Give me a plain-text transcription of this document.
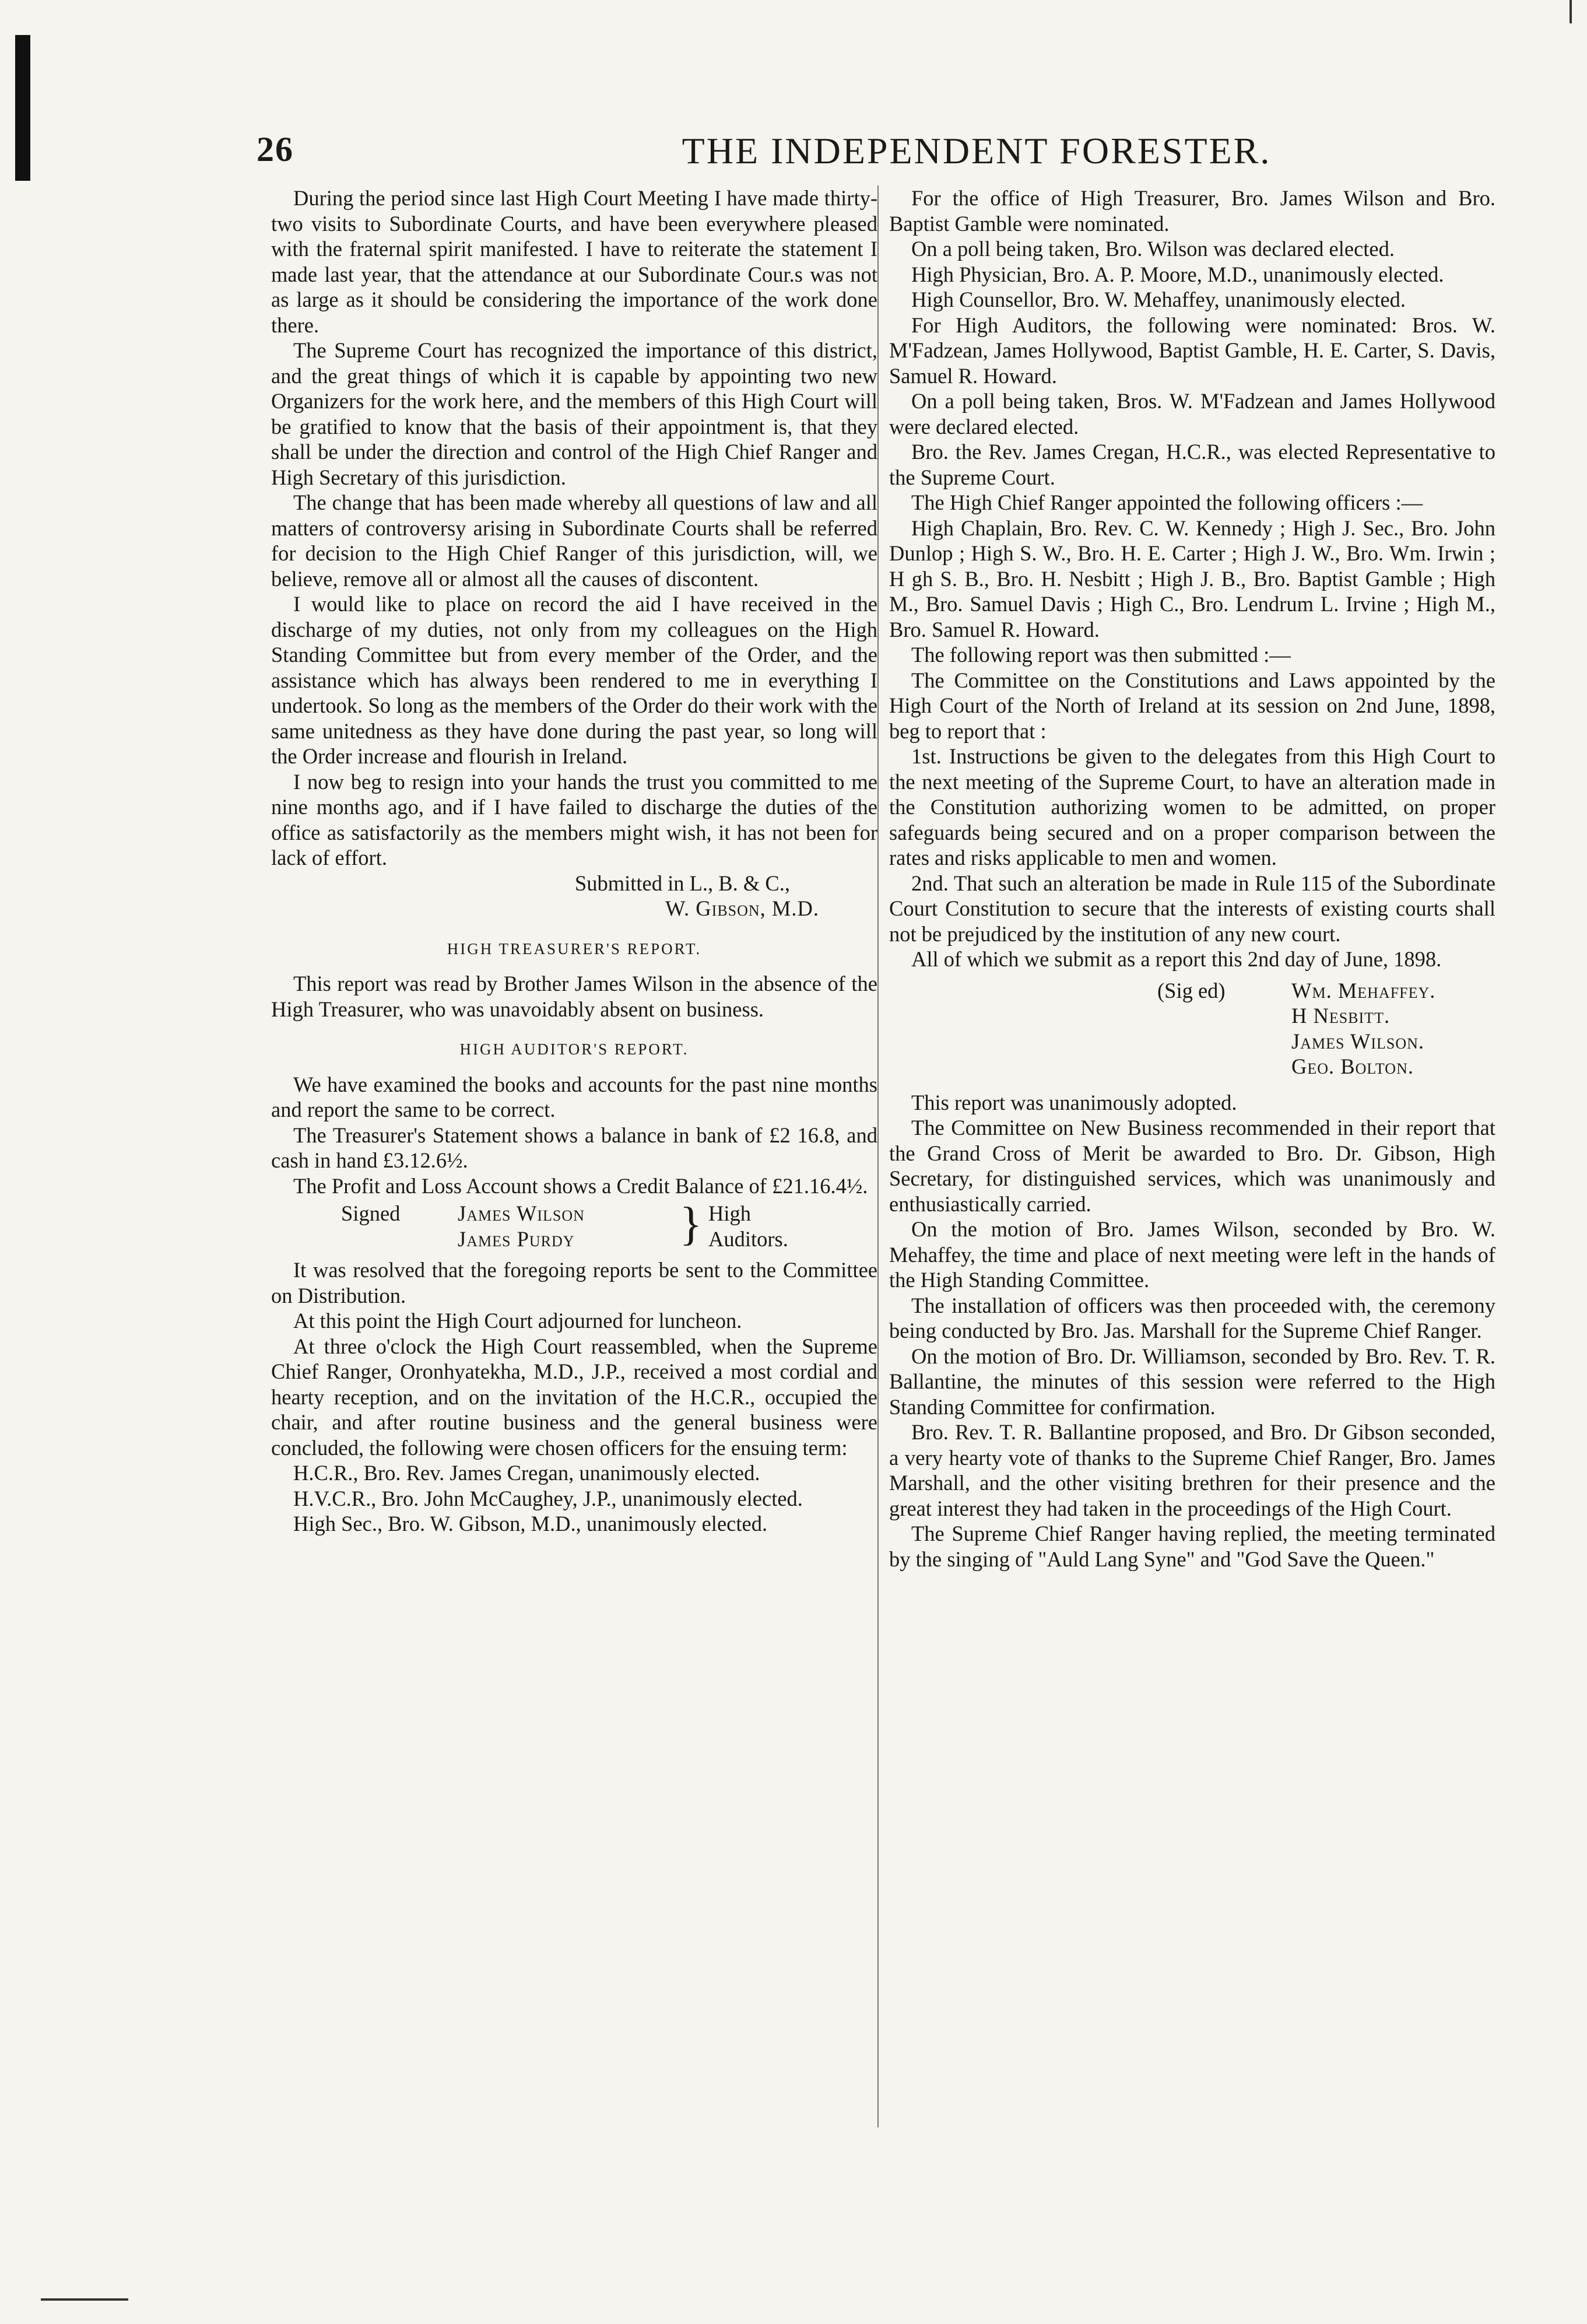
26	THE INDEPENDENT FORESTER.

During the period since last High Court Meeting I have made thirty-two visits to Subordinate Courts, and have been everywhere pleased with the fraternal spirit manifested. I have to reiterate the statement I made last year, that the attendance at our Subordinate Cour.s was not as large as it should be considering the importance of the work done there.

The Supreme Court has recognized the importance of this district, and the great things of which it is capable by appointing two new Organizers for the work here, and the members of this High Court will be gratified to know that the basis of their appointment is, that they shall be under the direction and control of the High Chief Ranger and High Secretary of this jurisdiction.

The change that has been made whereby all questions of law and all matters of controversy arising in Subordinate Courts shall be referred for decision to the High Chief Ranger of this jurisdiction, will, we believe, remove all or almost all the causes of discontent.

I would like to place on record the aid I have received in the discharge of my duties, not only from my colleagues on the High Standing Committee but from every member of the Order, and the assistance which has always been rendered to me in everything I undertook. So long as the members of the Order do their work with the same unitedness as they have done during the past year, so long will the Order increase and flourish in Ireland.

I now beg to resign into your hands the trust you committed to me nine months ago, and if I have failed to discharge the duties of the office as satisfactorily as the members might wish, it has not been for lack of effort.

Submitted in L., B. & C.,

W. Gibson, M.D.

HIGH TREASURER'S REPORT.

This report was read by Brother James Wilson in the absence of the High Treasurer, who was unavoidably absent on business.

HIGH AUDITOR'S REPORT.

We have examined the books and accounts for the past nine months and report the same to be correct.

The Treasurer's Statement shows a balance in bank of £2 16.8, and cash in hand £3.12.6½.

The Profit and Loss Account shows a Credit Balance of £21.16.4½.

Signed	James Wilson
James Purdy	} High
Auditors.

It was resolved that the foregoing reports be sent to the Committee on Distribution.

At this point the High Court adjourned for luncheon.

At three o'clock the High Court reassembled, when the Supreme Chief Ranger, Oronhyatekha, M.D., J.P., received a most cordial and hearty reception, and on the invitation of the H.C.R., occupied the chair, and after routine business and the general business were concluded, the following were chosen officers for the ensuing term:

H.C.R., Bro. Rev. James Cregan, unanimously elected.

H.V.C.R., Bro. John McCaughey, J.P., unanimously elected.

High Sec., Bro. W. Gibson, M.D., unanimously elected.

For the office of High Treasurer, Bro. James Wilson and Bro. Baptist Gamble were nominated.

On a poll being taken, Bro. Wilson was declared elected.

High Physician, Bro. A. P. Moore, M.D., unanimously elected.

High Counsellor, Bro. W. Mehaffey, unanimously elected.

For High Auditors, the following were nominated: Bros. W. M'Fadzean, James Hollywood, Baptist Gamble, H. E. Carter, S. Davis, Samuel R. Howard.

On a poll being taken, Bros. W. M'Fadzean and James Hollywood were declared elected.

Bro. the Rev. James Cregan, H.C.R., was elected Representative to the Supreme Court.

The High Chief Ranger appointed the following officers :—

High Chaplain, Bro. Rev. C. W. Kennedy ; High J. Sec., Bro. John Dunlop ; High S. W., Bro. H. E. Carter ; High J. W., Bro. Wm. Irwin ; H gh S. B., Bro. H. Nesbitt ; High J. B., Bro. Baptist Gamble ; High M., Bro. Samuel Davis ; High C., Bro. Lendrum L. Irvine ; High M., Bro. Samuel R. Howard.

The following report was then submitted :—

The Committee on the Constitutions and Laws appointed by the High Court of the North of Ireland at its session on 2nd June, 1898, beg to report that :

1st. Instructions be given to the delegates from this High Court to the next meeting of the Supreme Court, to have an alteration made in the Constitution authorizing women to be admitted, on proper safeguards being secured and on a proper comparison between the rates and risks applicable to men and women.

2nd. That such an alteration be made in Rule 115 of the Subordinate Court Constitution to secure that the interests of existing courts shall not be prejudiced by the institution of any new court.

All of which we submit as a report this 2nd day of June, 1898.

(Sig ed)	Wm. Mehaffey.
H Nesbitt.
James Wilson.
Geo. Bolton.

This report was unanimously adopted.

The Committee on New Business recommended in their report that the Grand Cross of Merit be awarded to Bro. Dr. Gibson, High Secretary, for distinguished services, which was unanimously and enthusiastically carried.

On the motion of Bro. James Wilson, seconded by Bro. W. Mehaffey, the time and place of next meeting were left in the hands of the High Standing Committee.

The installation of officers was then proceeded with, the ceremony being conducted by Bro. Jas. Marshall for the Supreme Chief Ranger.

On the motion of Bro. Dr. Williamson, seconded by Bro. Rev. T. R. Ballantine, the minutes of this session were referred to the High Standing Committee for confirmation.

Bro. Rev. T. R. Ballantine proposed, and Bro. Dr Gibson seconded, a very hearty vote of thanks to the Supreme Chief Ranger, Bro. James Marshall, and the other visiting brethren for their presence and the great interest they had taken in the proceedings of the High Court.

The Supreme Chief Ranger having replied, the meeting terminated by the singing of "Auld Lang Syne" and "God Save the Queen."
